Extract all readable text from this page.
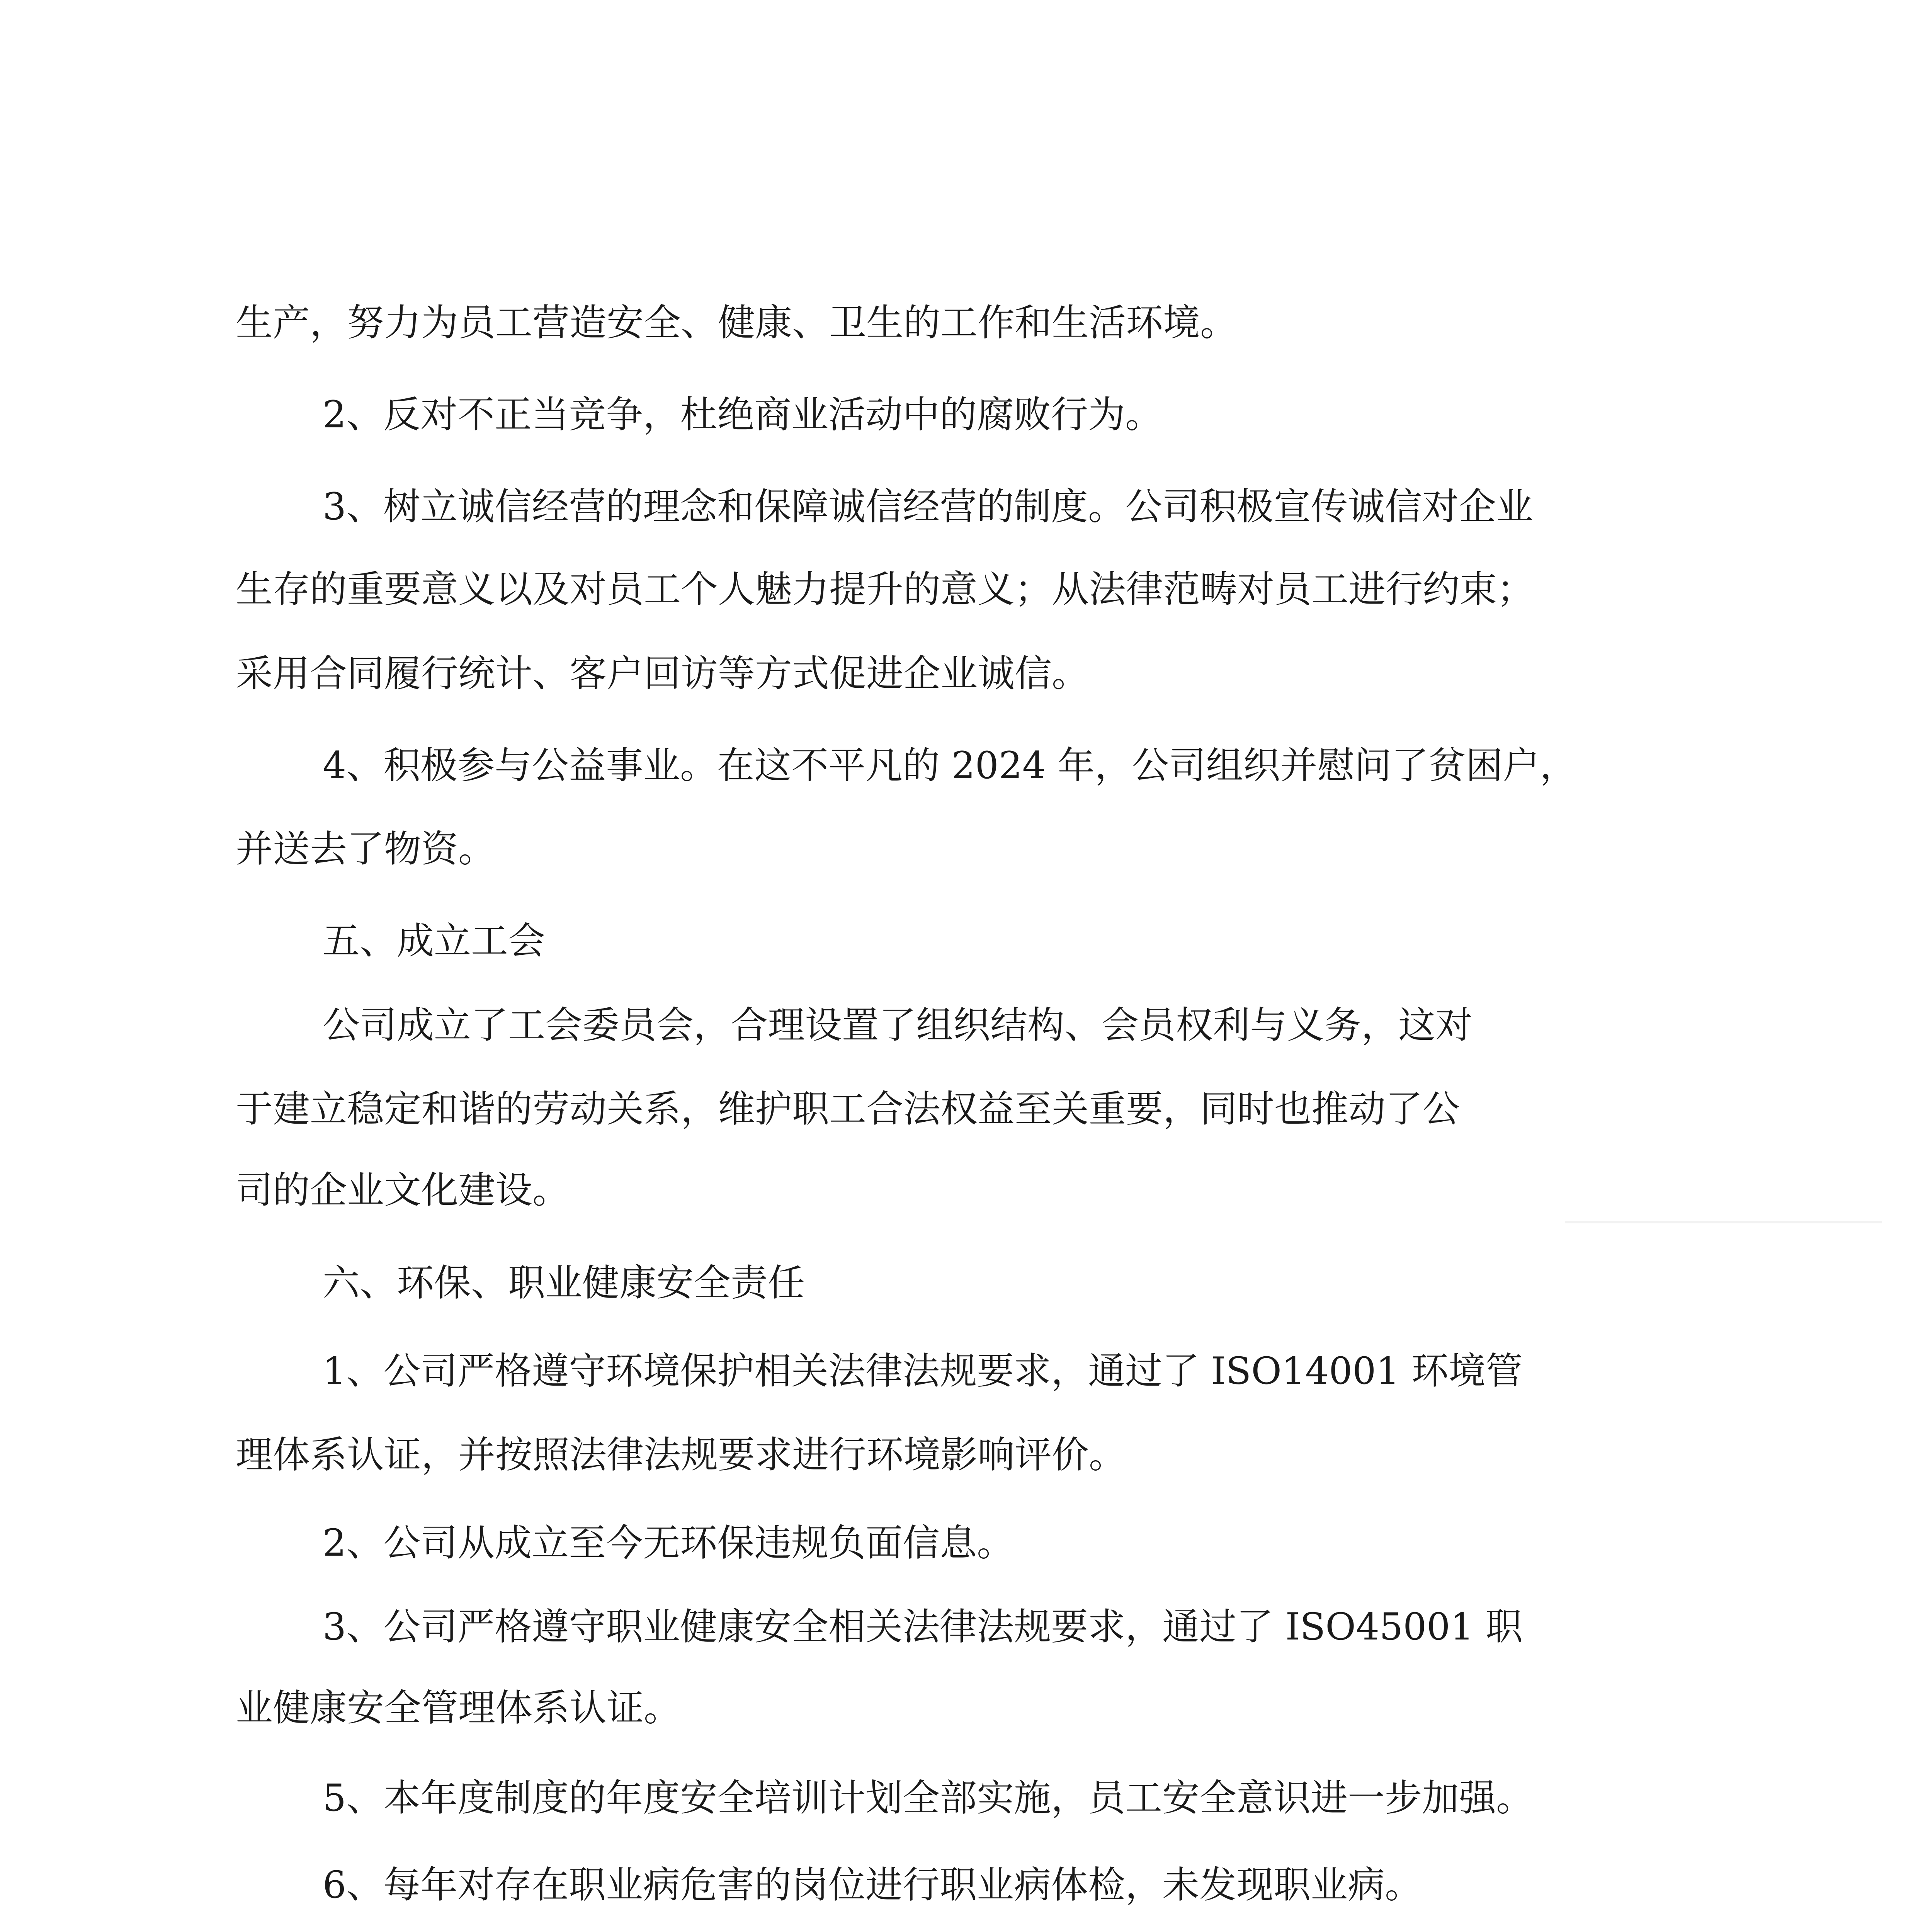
生产，努力为员工营造安全、健康、卫生的工作和生活环境。
2、反对不正当竞争，杜绝商业活动中的腐败行为。
3、树立诚信经营的理念和保障诚信经营的制度。公司积极宣传诚信对企业
生存的重要意义以及对员工个人魅力提升的意义；从法律范畴对员工进行约束；
采用合同履行统计、客户回访等方式促进企业诚信。
4、积极参与公益事业。在这不平凡的 2024 年，公司组织并慰问了贫困户，
并送去了物资。
五、成立工会
公司成立了工会委员会，合理设置了组织结构、会员权利与义务，这对
于建立稳定和谐的劳动关系，维护职工合法权益至关重要，同时也推动了公
司的企业文化建设。
六、环保、职业健康安全责任
1、公司严格遵守环境保护相关法律法规要求，通过了 ISO14001 环境管
理体系认证，并按照法律法规要求进行环境影响评价。
2、公司从成立至今无环保违规负面信息。
3、公司严格遵守职业健康安全相关法律法规要求，通过了 ISO45001 职
业健康安全管理体系认证。
5、本年度制度的年度安全培训计划全部实施，员工安全意识进一步加强。
6、每年对存在职业病危害的岗位进行职业病体检，未发现职业病。
